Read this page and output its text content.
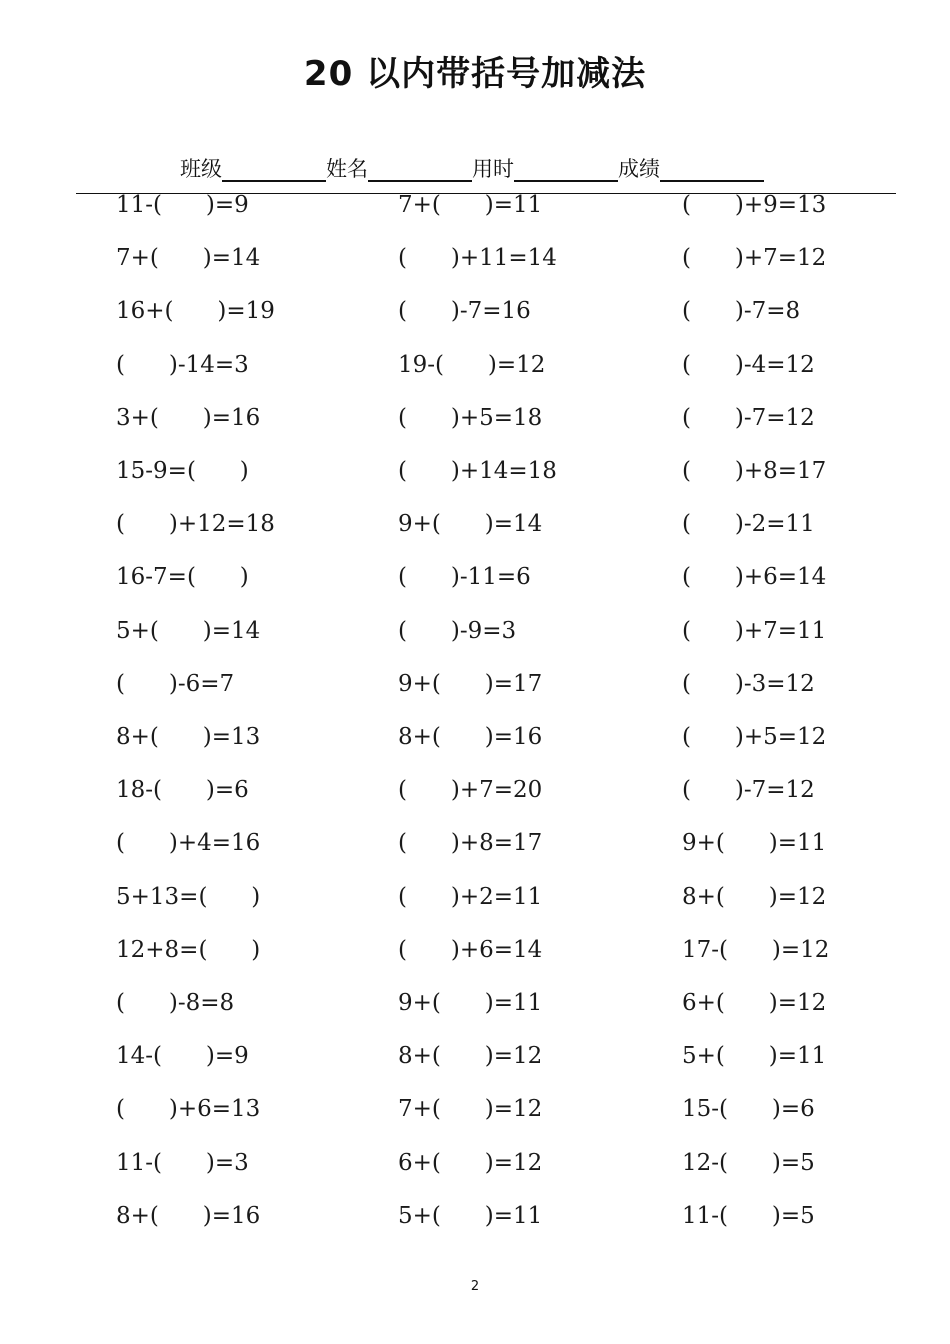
20 以内带括号加减法
班级	姓名	用时	成绩
11-(      )=9	7+(      )=11	(      )+9=13
7+(      )=14	(      )+11=14	(      )+7=12
16+(      )=19	(      )-7=16	(      )-7=8
(      )-14=3	19-(      )=12	(      )-4=12
3+(      )=16	(      )+5=18	(      )-7=12
15-9=(      )	(      )+14=18	(      )+8=17
(      )+12=18	9+(      )=14	(      )-2=11
16-7=(      )	(      )-11=6	(      )+6=14
5+(      )=14	(      )-9=3	(      )+7=11
(      )-6=7	9+(      )=17	(      )-3=12
8+(      )=13	8+(      )=16	(      )+5=12
18-(      )=6	(      )+7=20	(      )-7=12
(      )+4=16	(      )+8=17	9+(      )=11
5+13=(      )	(      )+2=11	8+(      )=12
12+8=(      )	(      )+6=14	17-(      )=12
(      )-8=8	9+(      )=11	6+(      )=12
14-(      )=9	8+(      )=12	5+(      )=11
(      )+6=13	7+(      )=12	15-(      )=6
11-(      )=3	6+(      )=12	12-(      )=5
8+(      )=16	5+(      )=11	11-(      )=5
2
